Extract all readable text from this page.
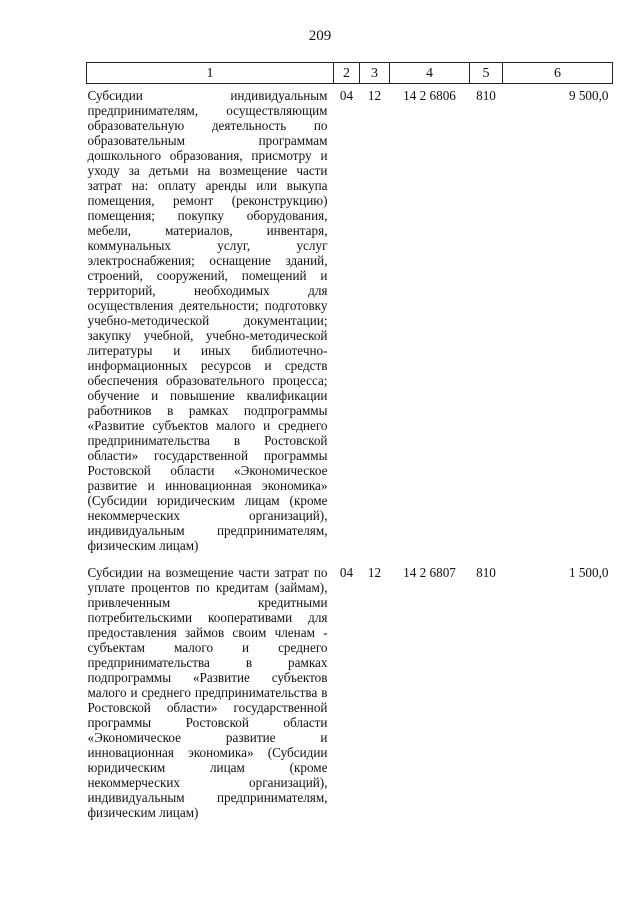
209
1	2	3	4	5	6
Субсидии индивидуальным предпринимателям, осуществляющим образовательную деятельность по образовательным программам дошкольного образования, присмотру и уходу за детьми на возмещение части затрат на: оплату аренды или выкупа помещения, ремонт (реконструкцию) помещения; покупку оборудования, мебели, материалов, инвентаря, коммунальных услуг, услуг электроснабжения; оснащение зданий, строений, сооружений, помещений и территорий, необходимых для осуществления деятельности; подготовку учебно-методической документации; закупку учебной, учебно-методической литературы и иных библиотечно-информационных ресурсов и средств обеспечения образовательного процесса; обучение и повышение квалификации работников в рамках подпрограммы «Развитие субъектов малого и среднего предпринимательства в Ростовской области» государственной программы Ростовской области «Экономическое развитие и инновационная экономика» (Субсидии юридическим лицам (кроме некоммерческих организаций), индивидуальным предпринимателям, физическим лицам)	04	12	14 2 6806	810	9 500,0
Субсидии на возмещение части затрат по уплате процентов по кредитам (займам), привлеченным кредитными потребительскими кооперативами для предоставления займов своим членам - субъектам малого и среднего предпринимательства в рамках подпрограммы «Развитие субъектов малого и среднего предпринимательства в Ростовской области» государственной программы Ростовской области «Экономическое развитие и инновационная экономика» (Субсидии юридическим лицам (кроме некоммерческих организаций), индивидуальным предпринимателям, физическим лицам)	04	12	14 2 6807	810	1 500,0
